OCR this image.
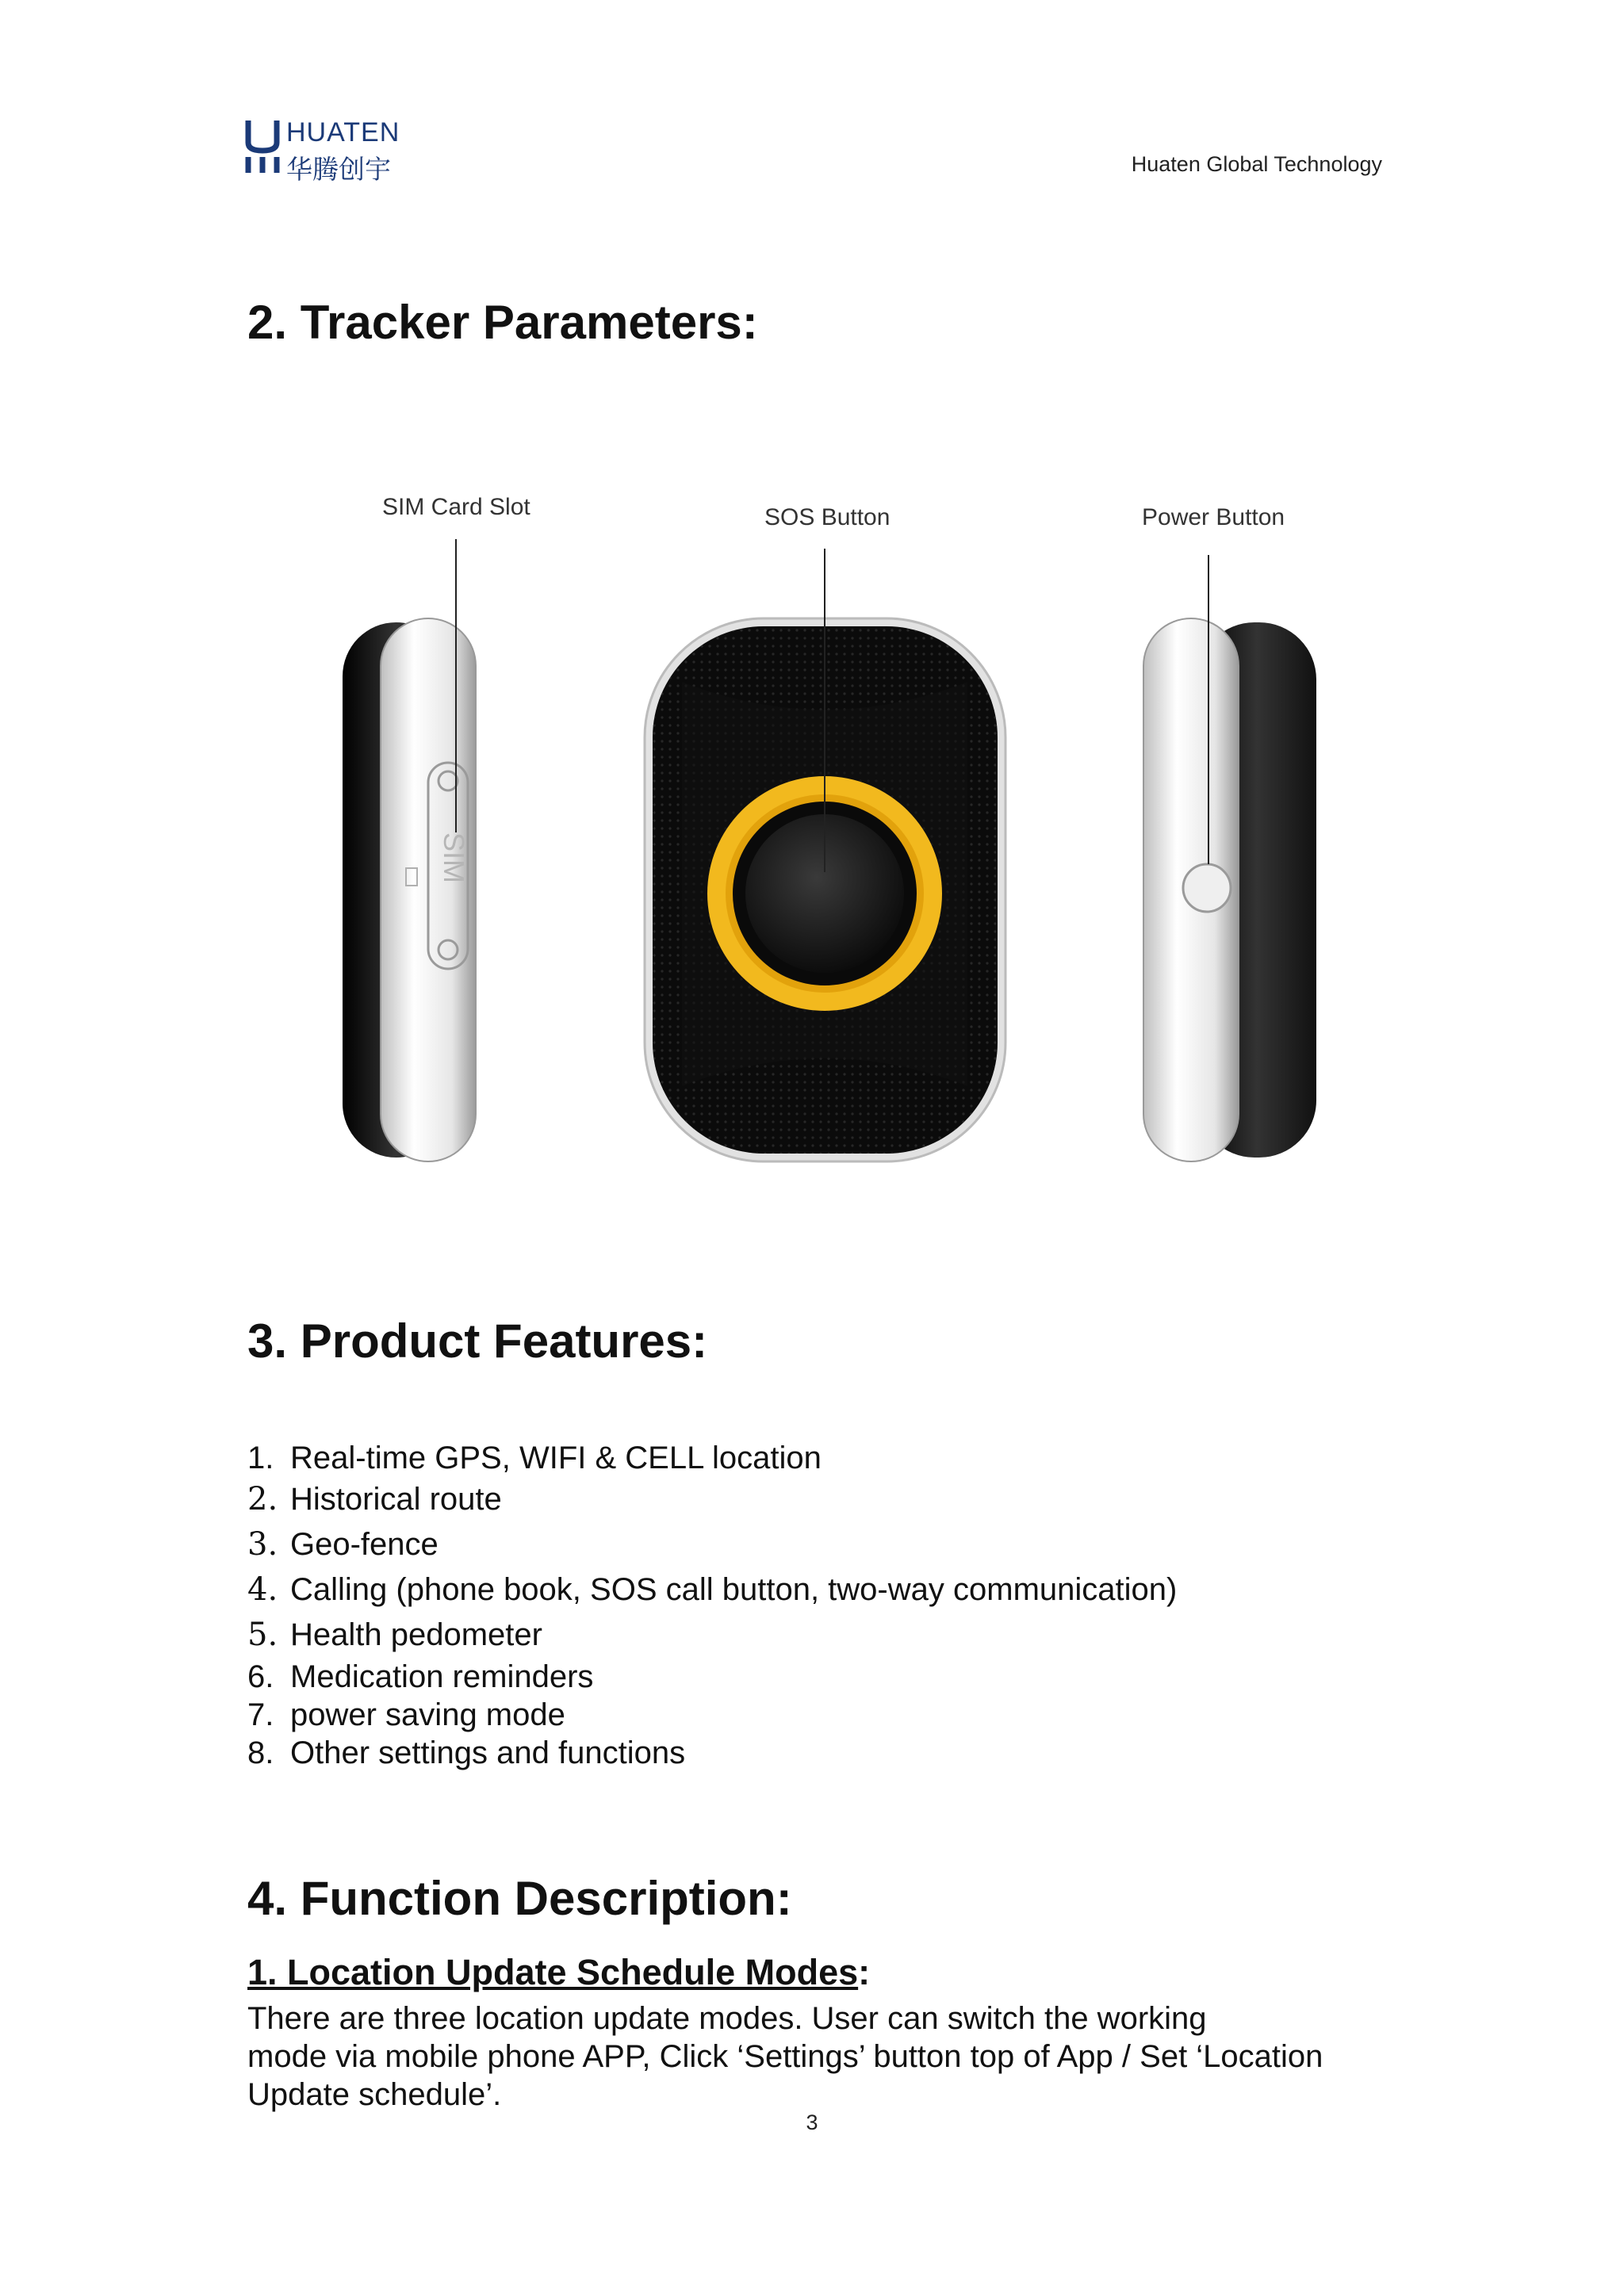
HUATEN
华腾创宇	Huaten Global Technology
2. Tracker Parameters:
SIM Card Slot	SOS Button	Power Button
SIM
3. Product Features:
1. Real-time GPS, WIFI & CELL location
2. Historical route
3. Geo-fence
4. Calling (phone book, SOS call button, two-way communication)
5. Health pedometer
6. Medication reminders
7. power saving mode
8. Other settings and functions
4. Function Description:
1. Location Update Schedule Modes:
There are three location update modes. User can switch the working
mode via mobile phone APP, Click ‘Settings’ button top of App / Set ‘Location
Update schedule’.
3
